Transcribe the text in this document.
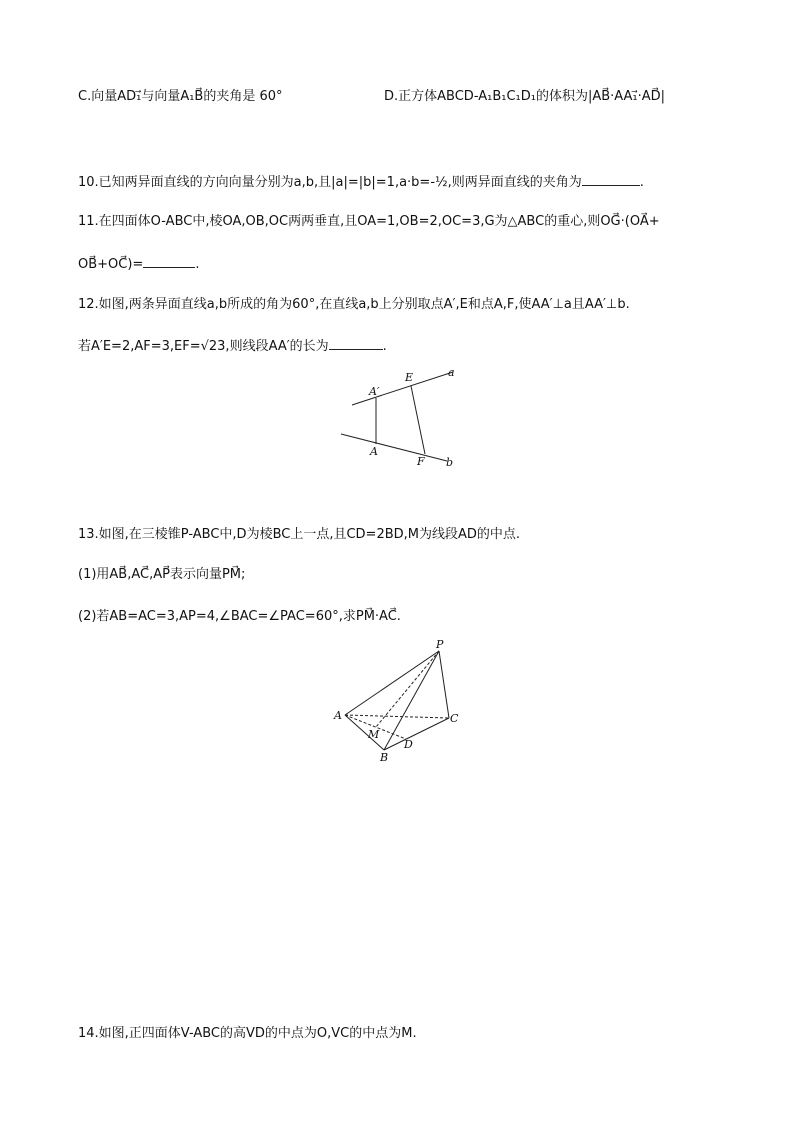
C.向量AD₁⃗与向量A₁B⃗的夹角是 60°	D.正方体ABCD-A₁B₁C₁D₁的体积为|AB⃗·AA₁⃗·AD⃗|
10.已知两异面直线的方向向量分别为a,b,且|a|=|b|=1,a·b=-½,则两异面直线的夹角为	.
11.在四面体O-ABC中,棱OA,OB,OC两两垂直,且OA=1,OB=2,OC=3,G为△ABC的重心,则OG⃗·(OA⃗+
OB⃗+OC⃗)=	.
12.如图,两条异面直线a,b所成的角为60°,在直线a,b上分别取点A′,E和点A,F,使AA′⊥a且AA′⊥b.
若A′E=2,AF=3,EF=√23,则线段AA′的长为	.
A′
E	a
A
F b
13.如图,在三棱锥P-ABC中,D为棱BC上一点,且CD=2BD,M为线段AD的中点.
(1)用AB⃗,AC⃗,AP⃗表示向量PM⃗;
(2)若AB=AC=3,AP=4,∠BAC=∠PAC=60°,求PM⃗·AC⃗.
P
A	C
M
D
B
14.如图,正四面体V-ABC的高VD的中点为O,VC的中点为M.
